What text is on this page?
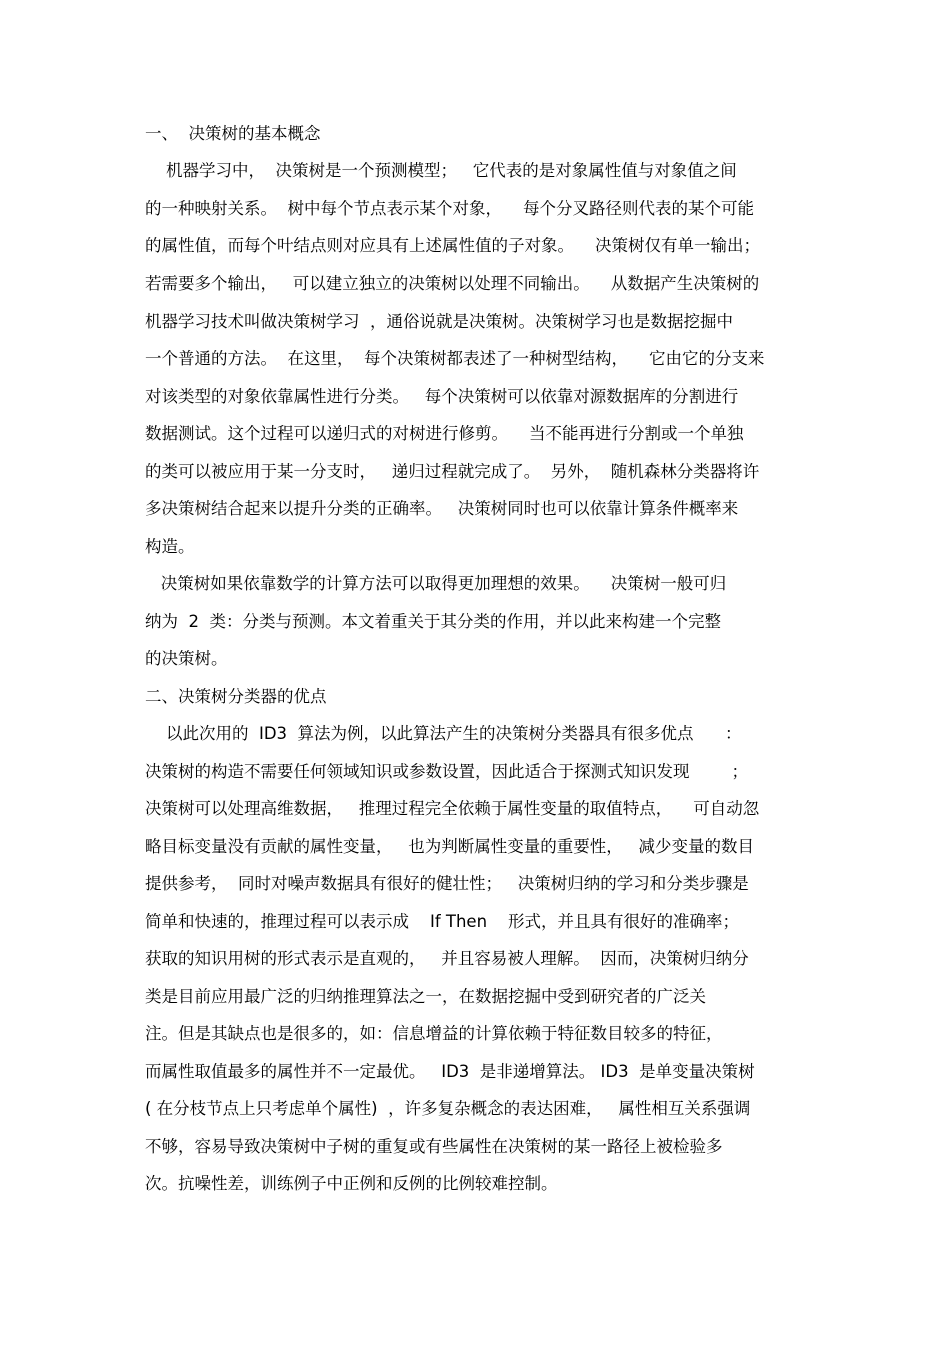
一、  决策树的基本概念
机器学习中，  决策树是一个预测模型；   它代表的是对象属性值与对象值之间
的一种映射关系。  树中每个节点表示某个对象，    每个分叉路径则代表的某个可能
的属性值，而每个叶结点则对应具有上述属性值的子对象。    决策树仅有单一输出；
若需要多个输出，   可以建立独立的决策树以处理不同输出。    从数据产生决策树的
机器学习技术叫做决策树学习  ，通俗说就是决策树。决策树学习也是数据挖掘中
一个普通的方法。  在这里，  每个决策树都表述了一种树型结构，    它由它的分支来
对该类型的对象依靠属性进行分类。   每个决策树可以依靠对源数据库的分割进行
数据测试。这个过程可以递归式的对树进行修剪。    当不能再进行分割或一个单独
的类可以被应用于某一分支时，   递归过程就完成了。  另外，  随机森林分类器将许
多决策树结合起来以提升分类的正确率。   决策树同时也可以依靠计算条件概率来
构造。
决策树如果依靠数学的计算方法可以取得更加理想的效果。    决策树一般可归
纳为  2  类：分类与预测。本文着重关于其分类的作用，并以此来构建一个完整
的决策树。
二、决策树分类器的优点
以此次用的  ID3  算法为例，以此算法产生的决策树分类器具有很多优点      ：
决策树的构造不需要任何领域知识或参数设置，因此适合于探测式知识发现        ；
决策树可以处理高维数据，   推理过程完全依赖于属性变量的取值特点，    可自动忽
略目标变量没有贡献的属性变量，   也为判断属性变量的重要性，   减少变量的数目
提供参考，  同时对噪声数据具有很好的健壮性；   决策树归纳的学习和分类步骤是
简单和快速的，推理过程可以表示成    If Then    形式，并且具有很好的准确率；
获取的知识用树的形式表示是直观的，   并且容易被人理解。  因而，决策树归纳分
类是目前应用最广泛的归纳推理算法之一，在数据挖掘中受到研究者的广泛关
注。但是其缺点也是很多的，如：信息增益的计算依赖于特征数目较多的特征，
而属性取值最多的属性并不一定最优。   ID3  是非递增算法。 ID3  是单变量决策树
( 在分枝节点上只考虑单个属性)  ，许多复杂概念的表达困难，   属性相互关系强调
不够，容易导致决策树中子树的重复或有些属性在决策树的某一路径上被检验多
次。抗噪性差，训练例子中正例和反例的比例较难控制。
